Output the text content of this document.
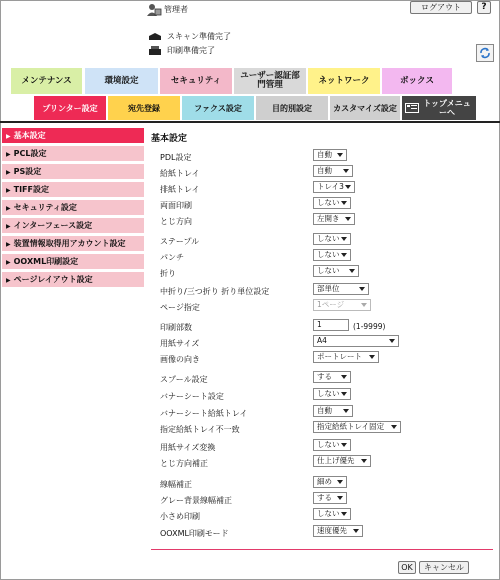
管理者	ログアウト	?
スキャン準備完了
印刷準備完了
メンテナンス	環境設定	セキュリティ ユーザー認証部門管理	ネットワーク	ボックス
プリンター設定	宛先登録	ファクス設定	目的別設定	カスタマイズ設定	トップメニューへ
▶ 基本設定
▶ PCL設定
▶ PS設定
▶ TIFF設定
▶ セキュリティ設定
▶ インターフェース設定
▶ 装置情報取得用アカウント設定
▶ OOXML印刷設定
▶ ページレイアウト設定
基本設定
PDL設定	自動
給紙トレイ	自動
排紙トレイ	トレイ3
両面印刷	しない
とじ方向	左開き
ステープル	しない
パンチ	しない
折り	しない
中折り/三つ折り 折り単位設定	部単位
ページ指定	1ページ
印刷部数	1	(1-9999)
用紙サイズ	A4
画像の向き	ポートレート
スプール設定	する
バナーシート設定	しない
バナーシート給紙トレイ	自動
指定給紙トレイ不一致	指定給紙トレイ固定
用紙サイズ変換	しない
とじ方向補正	仕上げ優先
線幅補正	細め
グレー背景線幅補正	する
小さめ印刷	しない
OOXML印刷モード	速度優先
OK	キャンセル
